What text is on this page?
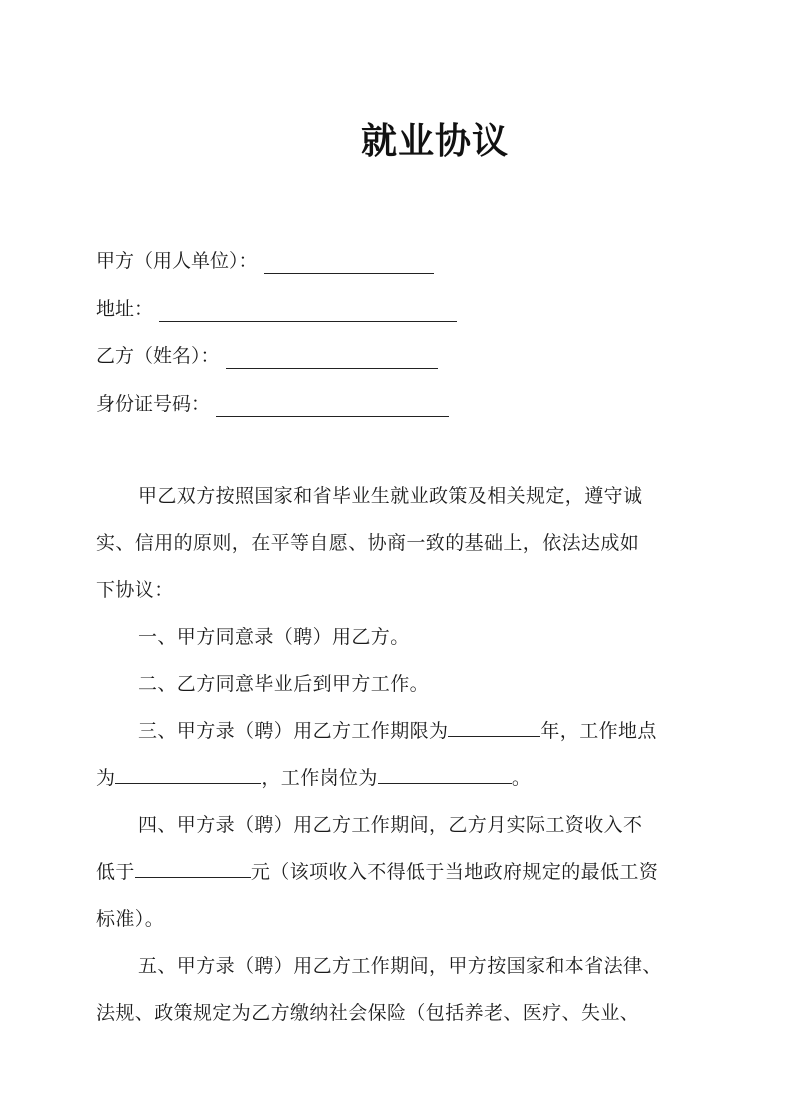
就业协议
甲方（用人单位）：
地址：
乙方（姓名）：
身份证号码：
甲乙双方按照国家和省毕业生就业政策及相关规定，遵守诚
实、信用的原则，在平等自愿、协商一致的基础上，依法达成如
下协议：
一、甲方同意录（聘）用乙方。
二、乙方同意毕业后到甲方工作。
三、甲方录（聘）用乙方工作期限为	年，工作地点
为	，工作岗位为	。
四、甲方录（聘）用乙方工作期间，乙方月实际工资收入不
低于	元（该项收入不得低于当地政府规定的最低工资
标准）。
五、甲方录（聘）用乙方工作期间，甲方按国家和本省法律、
法规、政策规定为乙方缴纳社会保险（包括养老、医疗、失业、
